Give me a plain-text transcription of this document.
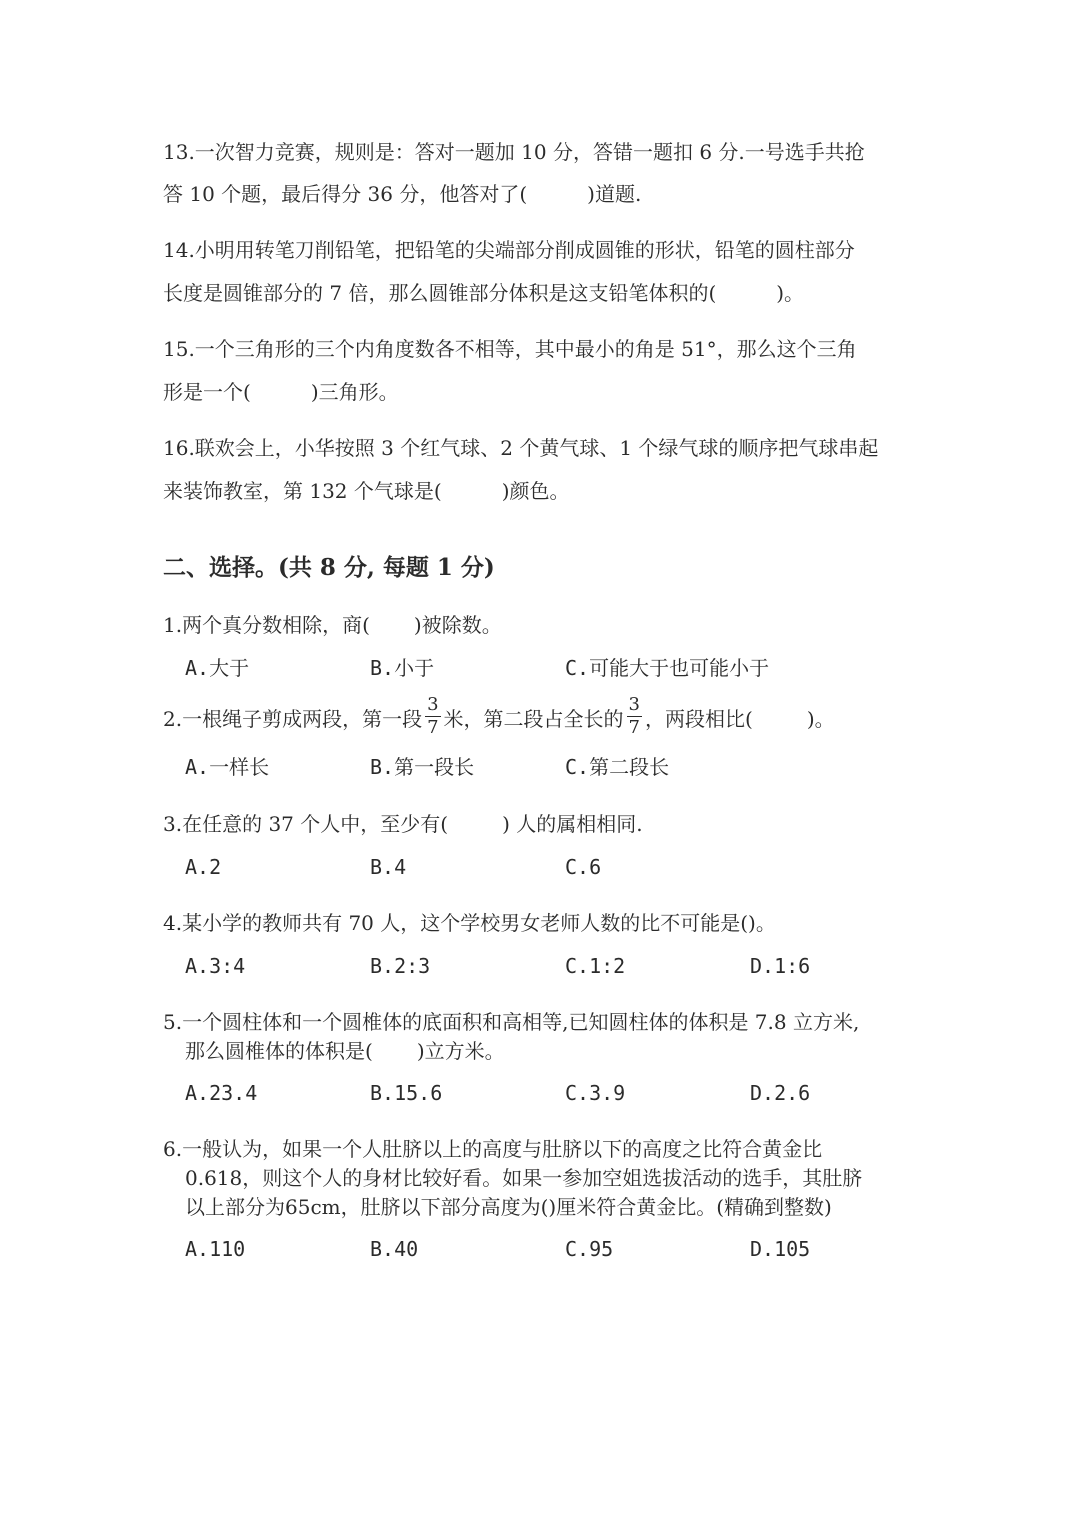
13.一次智力竞赛，规则是：答对一题加 10 分，答错一题扣 6 分.一号选手共抢
答 10 个题，最后得分 36 分，他答对了(	)道题.
14.小明用转笔刀削铅笔，把铅笔的尖端部分削成圆锥的形状，铅笔的圆柱部分
长度是圆锥部分的 7 倍，那么圆锥部分体积是这支铅笔体积的(	)。
15.一个三角形的三个内角度数各不相等，其中最小的角是 51°，那么这个三角
形是一个(	)三角形。
16.联欢会上，小华按照 3 个红气球、2 个黄气球、1 个绿气球的顺序把气球串起
来装饰教室，第 132 个气球是(	)颜色。
二、选择。(共 8 分, 每题 1 分)
1.两个真分数相除，商( )被除数。
A.大于	B.小于	C.可能大于也可能小于
2.一根绳子剪成两段，第一段 $\frac{3}{7}$ 米，第二段占全长的 $\frac{3}{7}$ ，两段相比(	)。
A.一样长	B.第一段长	C.第二段长
3.在任意的 37 个人中，至少有(	) 人的属相相同.
A.2	B.4	C.6
4.某小学的教师共有 70 人，这个学校男女老师人数的比不可能是()。
A.3:4	B.2:3	C.1:2	D.1:6
5.一个圆柱体和一个圆椎体的底面积和高相等,已知圆柱体的体积是 7.8 立方米,
那么圆椎体的体积是( )立方米。
A.23.4	B.15.6	C.3.9	D.2.6
6.一般认为，如果一个人肚脐以上的高度与肚脐以下的高度之比符合黄金比
0.618，则这个人的身材比较好看。如果一参加空姐选拔活动的选手，其肚脐
以上部分为65cm，肚脐以下部分高度为()厘米符合黄金比。(精确到整数)
A.110	B.40	C.95	D.105
